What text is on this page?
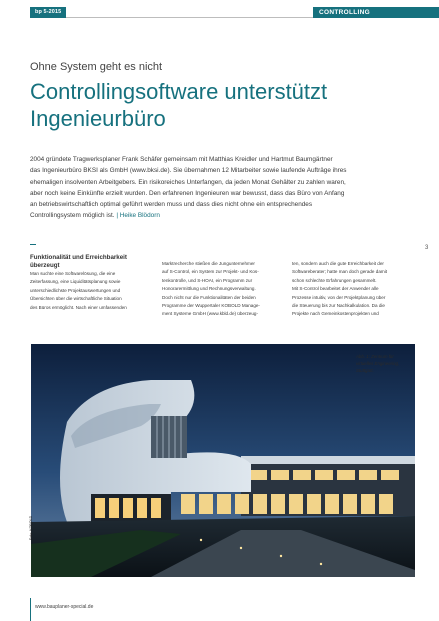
bp 5-2015	CONTROLLING
Ohne System geht es nicht
Controllingsoftware unterstützt
Ingenieurbüro

2004 gründete Tragwerksplaner Frank Schäfer gemeinsam mit Matthias Kreidler und Hartmut Baumgärtner
das Ingenieurbüro BKSI als GmbH (www.bksi.de). Sie übernahmen 12 Mitarbeiter sowie laufende Aufträge ihres
ehemaligen insolventen Arbeitgebers. Ein risikoreiches Unterfangen, da jeden Monat Gehälter zu zahlen waren,
aber noch keine Einkünfte erzielt wurden. Den erfahrenen Ingenieuren war bewusst, dass das Büro von Anfang
an betriebswirtschaftlich optimal geführt werden muss und dass dies nicht ohne ein entsprechendes
Controllingsystem möglich ist. | Heike Blödorn

3
Funktionalität und Erreichbarkeit
überzeugt
Man suchte eine Softwarelösung, die eine
Zeiterfassung, eine Liquiditätsplanung sowie
unterschiedlichste Projektauswertungen und
Übersichten über die wirtschaftliche Situation
des Büros ermöglicht. Nach einer umfassenden
Marktrecherche stießen die Jungunternehmer
auf S-Control, ein System zur Projekt- und Kos-
tenkontrolle, und S-HOAI, ein Programm zur
Honorarermittlung und Rechnungsverwaltung.
Doch nicht nur die Funktionalitäten der beiden
Programme der Wuppertaler KOBOLD Manage-
ment Systeme GmbH (www.kbld.de) überzeug-
ten, sondern auch die gute Erreichbarkeit der
Softwareberater; hatte man doch gerade damit
schon schlechte Erfahrungen gesammelt.
Mit S-Control bearbeitet der Anwender alle
Prozesse intuitiv, von der Projektplanung über
die Steuerung bis zur Nachkalkulation. Da die
Projekte nach Gemeinkostenprojekten und
Abb. 1: Zentrum für
virtuelles Engineering,
Stuttgart.
Foto: KOBOLD
www.bauplaner-special.de
